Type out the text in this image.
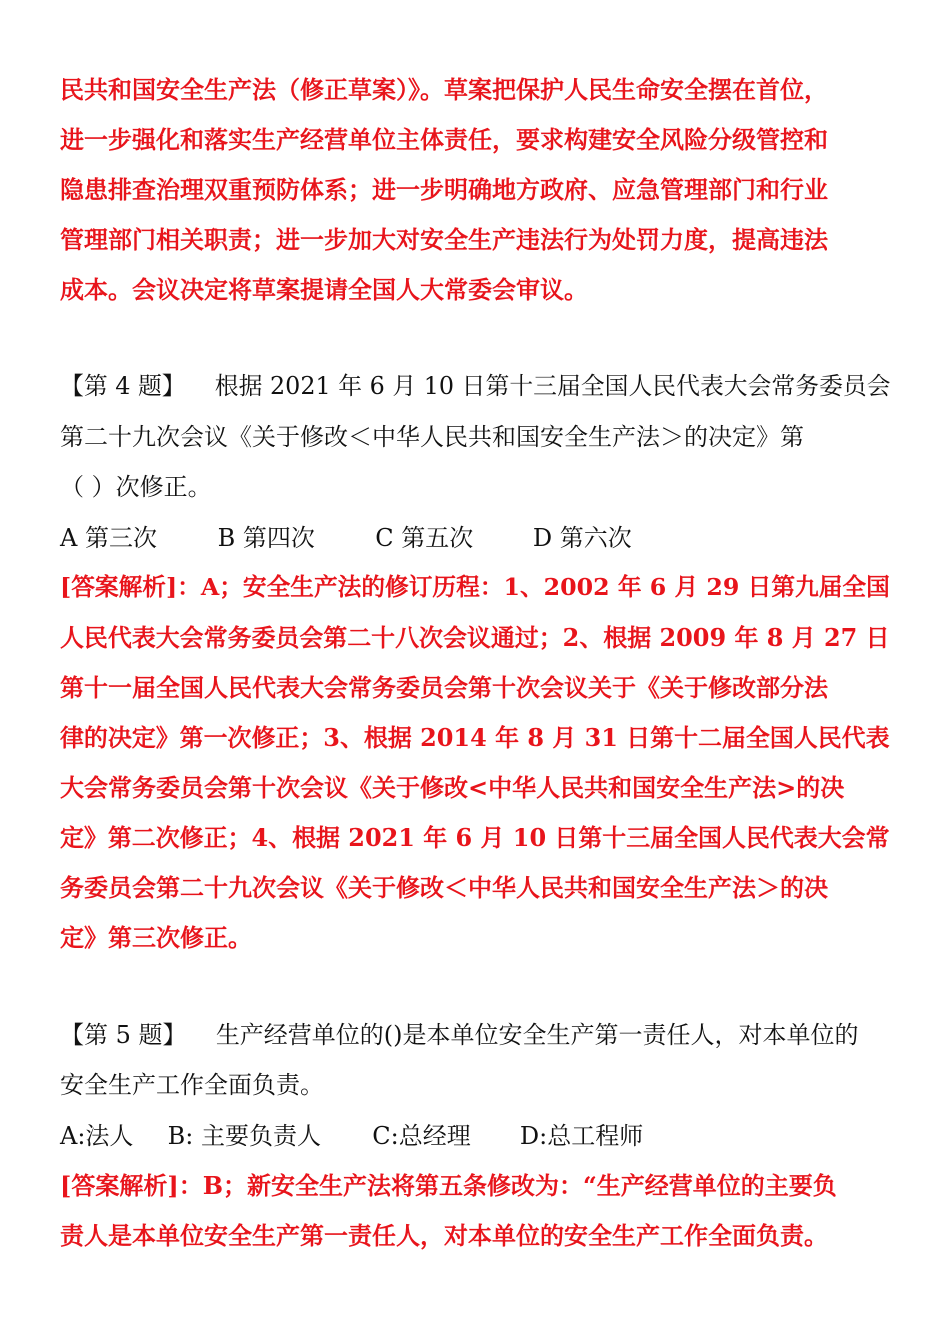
民共和国安全生产法（修正草案）》。草案把保护人民生命安全摆在首位，
进一步强化和落实生产经营单位主体责任，要求构建安全风险分级管控和
隐患排查治理双重预防体系；进一步明确地方政府、应急管理部门和行业
管理部门相关职责；进一步加大对安全生产违法行为处罚力度，提高违法
成本。会议决定将草案提请全国人大常委会审议。
【第 4 题】 根据 2021 年 6 月 10 日第十三届全国人民代表大会常务委员会
第二十九次会议《关于修改＜中华人民共和国安全生产法＞的决定》第
（ ）次修正。
A 第三次	B 第四次	C 第五次 D 第六次
[答案解析]：A；安全生产法的修订历程：1、2002 年 6 月 29 日第九届全国
人民代表大会常务委员会第二十八次会议通过；2、根据 2009 年 8 月 27 日
第十一届全国人民代表大会常务委员会第十次会议关于《关于修改部分法
律的决定》第一次修正；3、根据 2014 年 8 月 31 日第十二届全国人民代表
大会常务委员会第十次会议《关于修改<中华人民共和国安全生产法>的决
定》第二次修正；4、根据 2021 年 6 月 10 日第十三届全国人民代表大会常
务委员会第二十九次会议《关于修改＜中华人民共和国安全生产法＞的决
定》第三次修正。
【第 5 题】 生产经营单位的()是本单位安全生产第一责任人，对本单位的
安全生产工作全面负责。
A:法人 B: 主要负责人 C:总经理 D:总工程师
[答案解析]：B；新安全生产法将第五条修改为：“生产经营单位的主要负
责人是本单位安全生产第一责任人，对本单位的安全生产工作全面负责。
